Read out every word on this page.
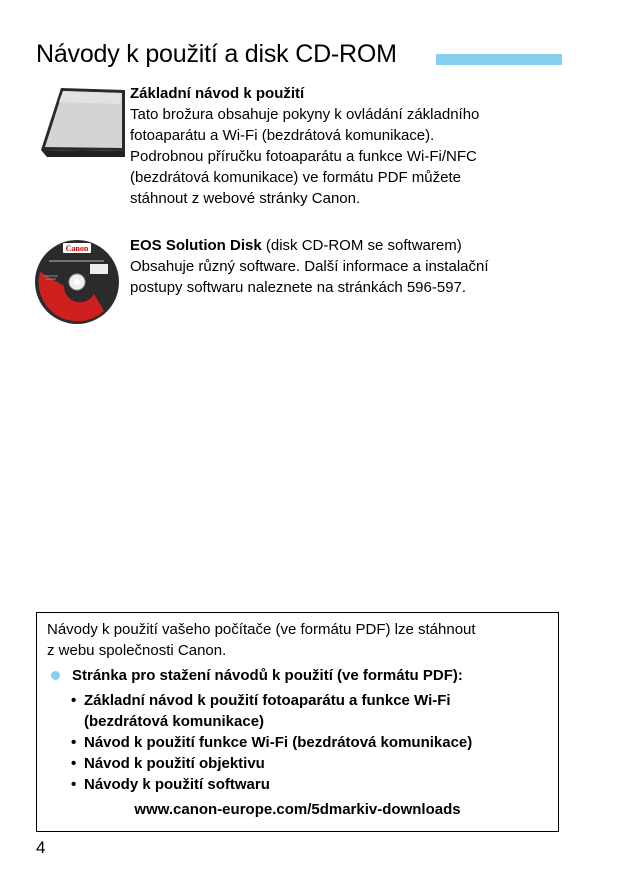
Návody k použití a disk CD-ROM
Canon
Základní návod k použití
Tato brožura obsahuje pokyny k ovládání základního
fotoaparátu a Wi-Fi (bezdrátová komunikace).
Podrobnou příručku fotoaparátu a funkce Wi-Fi/NFC
(bezdrátová komunikace) ve formátu PDF můžete
stáhnout z webové stránky Canon.
EOS Solution Disk (disk CD-ROM se softwarem)
Obsahuje různý software. Další informace a instalační
postupy softwaru naleznete na stránkách 596-597.
Návody k použití vašeho počítače (ve formátu PDF) lze stáhnout
z webu společnosti Canon.
Stránka pro stažení návodů k použití (ve formátu PDF):
• Základní návod k použití fotoaparátu a funkce Wi-Fi
(bezdrátová komunikace)
• Návod k použití funkce Wi-Fi (bezdrátová komunikace)
• Návod k použití objektivu
• Návody k použití softwaru
www.canon-europe.com/5dmarkiv-downloads
4
